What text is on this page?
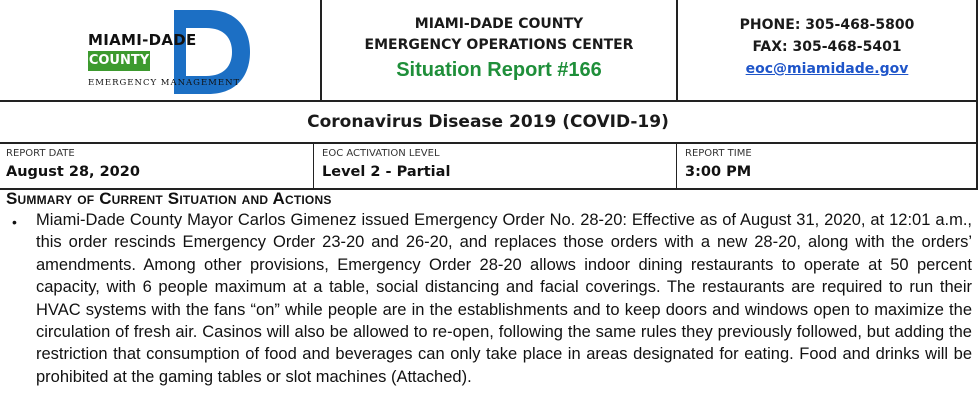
MIAMI-DADE
COUNTY
EMERGENCY MANAGEMENT
MIAMI-DADE COUNTY
EMERGENCY OPERATIONS CENTER
Situation Report #166
PHONE: 305-468-5800
FAX: 305-468-5401
eoc@miamidade.gov
Coronavirus Disease 2019 (COVID-19)
REPORT DATE
August 28, 2020
EOC ACTIVATION LEVEL
Level 2 - Partial
REPORT TIME
3:00 PM
Summary of Current Situation and Actions
• Miami-Dade County Mayor Carlos Gimenez issued Emergency Order No. 28-20: Effective as of August 31, 2020, at 12:01 a.m., this order rescinds Emergency Order 23-20 and 26-20, and replaces those orders with a new 28-20, along with the orders’ amendments. Among other provisions, Emergency Order 28-20 allows indoor dining restaurants to operate at 50 percent capacity, with 6 people maximum at a table, social distancing and facial coverings. The restaurants are required to run their HVAC systems with the fans “on” while people are in the establishments and to keep doors and windows open to maximize the circulation of fresh air. Casinos will also be allowed to re-open, following the same rules they previously followed, but adding the restriction that consumption of food and beverages can only take place in areas designated for eating. Food and drinks will be prohibited at the gaming tables or slot machines (Attached).
